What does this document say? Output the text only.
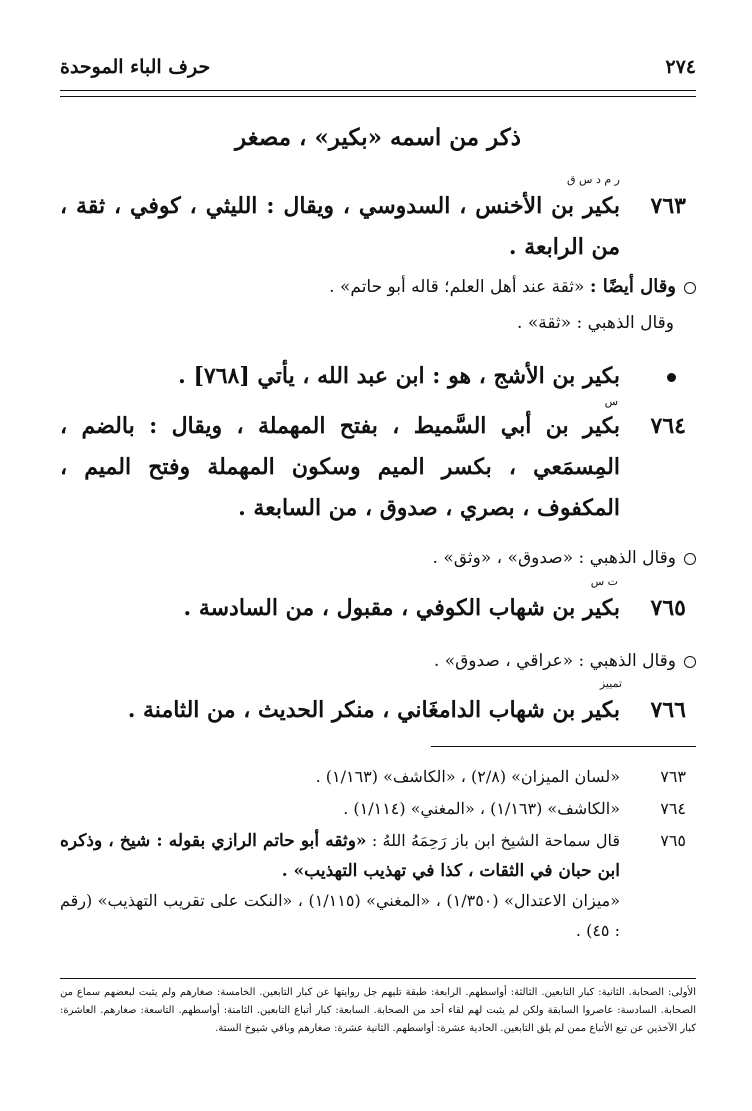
٢٧٤
حرف الباء الموحدة
ذكر من اسمه «بكير» ، مصغر
ر م د س ق
٧٦٣
بكير بن الأخنس ، السدوسي ، ويقال : الليثي ، كوفي ، ثقة ، من الرابعة .
وقال أيضًا : «ثقة عند أهل العلم؛ قاله أبو حاتم» .
وقال الذهبي : «ثقة» .
بكير بن الأشج ، هو : ابن عبد الله ، يأتي [٧٦٨] .
س
٧٦٤
بكير بن أبي السَّميط ، بفتح المهملة ، ويقال : بالضم ، المِسمَعي ، بكسر الميم وسكون المهملة وفتح الميم ، المكفوف ، بصري ، صدوق ، من السابعة .
وقال الذهبي : «صدوق» ، «وثق» .
ت س
٧٦٥
بكير بن شهاب الكوفي ، مقبول ، من السادسة .
وقال الذهبي : «عراقي ، صدوق» .
تمييز
٧٦٦
بكير بن شهاب الدامغَاني ، منكر الحديث ، من الثامنة .
٧٦٣
«لسان الميزان» (٢/٨) ، «الكاشف» (١/١٦٣) .
٧٦٤
«الكاشف» (١/١٦٣) ، «المغني» (١/١١٤) .
٧٦٥
قال سماحة الشيخ ابن باز رَحِمَهُ اللهُ : «وثقه أبو حاتم الرازي بقوله : شيخ ، وذكره ابن حبان في الثقات ، كذا في تهذيب التهذيب» .
«ميزان الاعتدال» (١/٣٥٠) ، «المغني» (١/١١٥) ، «النكت على تقريب التهذيب» (رقم : ٤٥) .
الأولى: الصحابة. الثانية: كبار التابعين. الثالثة: أواسطهم. الرابعة: طبقة تليهم جل روايتها عن كبار التابعين. الخامسة: صغارهم ولم يثبت لبعضهم سماع من الصحابة. السادسة: عاصروا السابقة ولكن لم يثبت لهم لقاء أحد من الصحابة. السابعة: كبار أتباع التابعين. الثامنة: أواسطهم. التاسعة: صغارهم. العاشرة: كبار الآخذين عن تبع الأتباع ممن لم يلق التابعين. الحادية عشرة: أواسطهم. الثانية عشرة: صغارهم وباقي شيوخ الستة.
